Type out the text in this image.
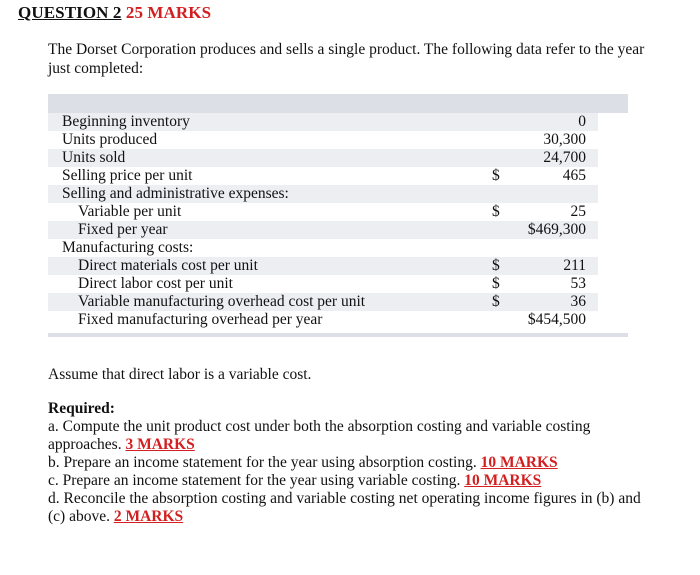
QUESTION 2 25 MARKS
The Dorset Corporation produces and sells a single product. The following data refer to the year just completed:
Beginning inventory		0
Units produced		30,300
Units sold		24,700
Selling price per unit	$	465
Selling and administrative expenses:		
Variable per unit	$	25
Fixed per year		$469,300
Manufacturing costs:		
Direct materials cost per unit	$	211
Direct labor cost per unit	$	53
Variable manufacturing overhead cost per unit	$	36
Fixed manufacturing overhead per year		$454,500
Assume that direct labor is a variable cost.
Required:
a. Compute the unit product cost under both the absorption costing and variable costing approaches. 3 MARKS
b. Prepare an income statement for the year using absorption costing. 10 MARKS
c. Prepare an income statement for the year using variable costing. 10 MARKS
d. Reconcile the absorption costing and variable costing net operating income figures in (b) and (c) above. 2 MARKS
